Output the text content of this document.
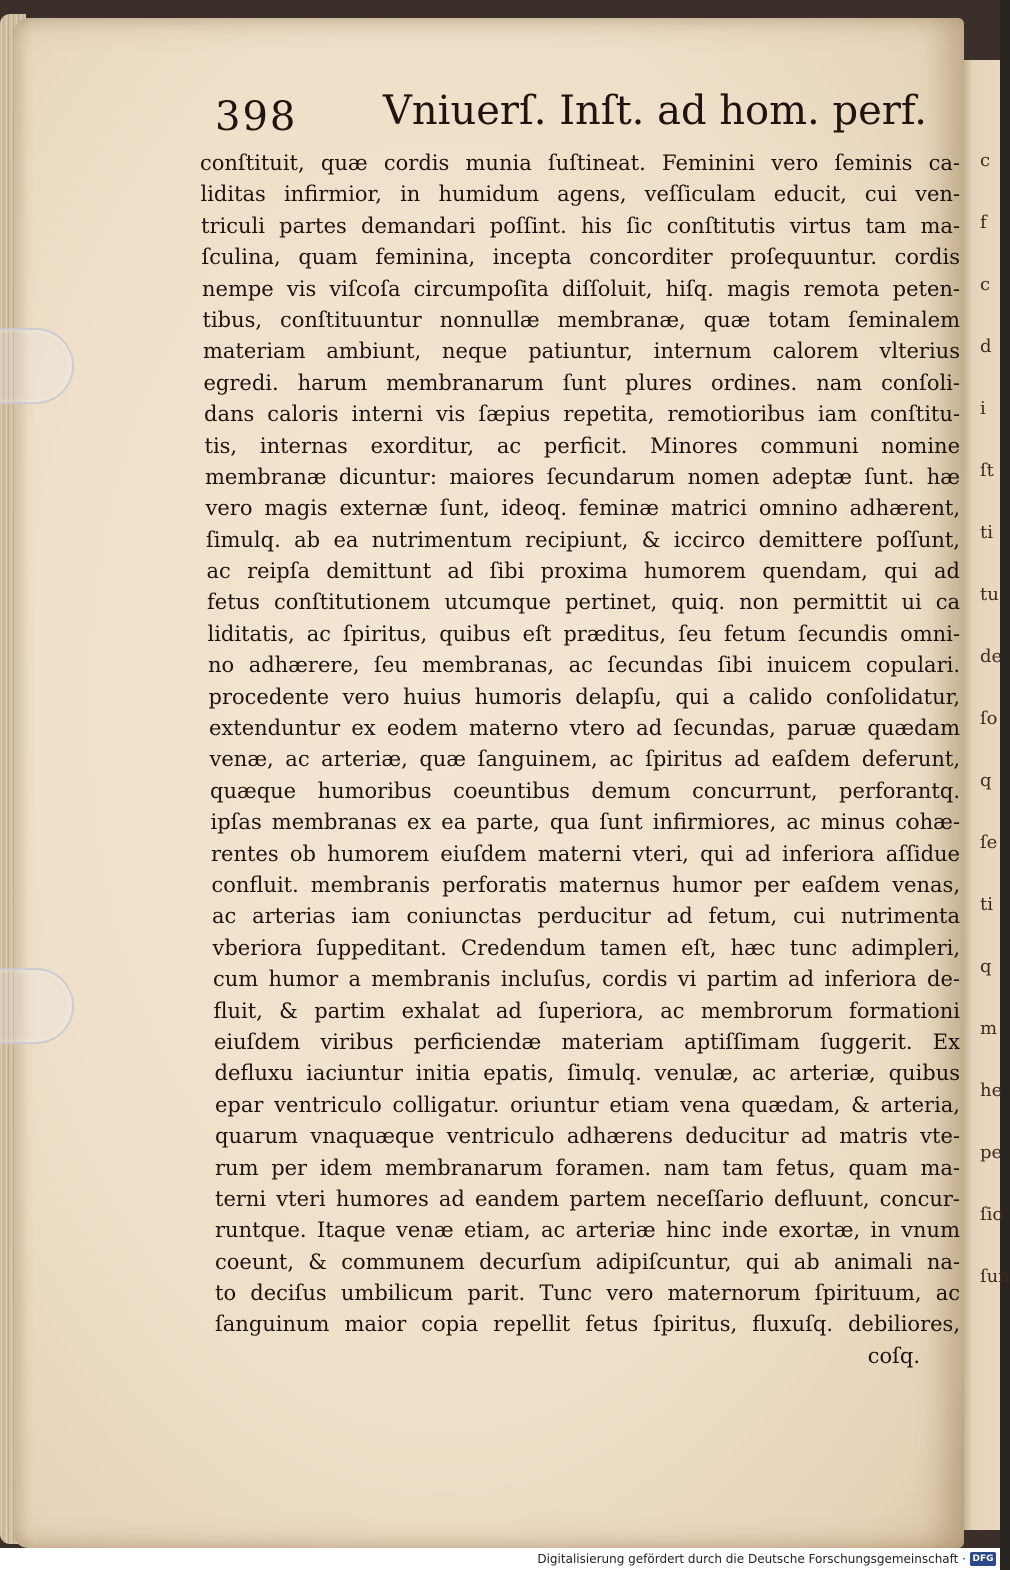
c
f
c
d
i
ſt
ti
tu
de
ſo
q
ſe
ti
q
m
he
pe
ſio
ſun
398 Vniuerſ. Inſt. ad hom. perf.
conſtituit, quæ cordis munia ſuſtineat. Feminini vero ſeminis ca-
liditas infirmior, in humidum agens, veſſiculam educit, cui ven-
triculi partes demandari poſſint. his ſic conſtitutis virtus tam ma-
ſculina, quam feminina, incepta concorditer proſequuntur. cordis
nempe vis viſcoſa circumpoſita diſſoluit, hiſq. magis remota peten-
tibus, conſtituuntur nonnullæ membranæ, quæ totam ſeminalem
materiam ambiunt, neque patiuntur, internum calorem vlterius
egredi. harum membranarum ſunt plures ordines. nam conſoli-
dans caloris interni vis ſæpius repetita, remotioribus iam conſtitu-
tis, internas exorditur, ac perficit. Minores communi nomine
membranæ dicuntur: maiores ſecundarum nomen adeptæ ſunt. hæ
vero magis externæ ſunt, ideoq. feminæ matrici omnino adhærent,
ſimulq. ab ea nutrimentum recipiunt, & iccirco demittere poſſunt,
ac reipſa demittunt ad ſibi proxima humorem quendam, qui ad
fetus conſtitutionem utcumque pertinet, quiq. non permittit ui ca
liditatis, ac ſpiritus, quibus eſt præditus, ſeu fetum ſecundis omni-
no adhærere, ſeu membranas, ac ſecundas ſibi inuicem copulari.
procedente vero huius humoris delapſu, qui a calido conſolidatur,
extenduntur ex eodem materno vtero ad ſecundas, paruæ quædam
venæ, ac arteriæ, quæ ſanguinem, ac ſpiritus ad eaſdem deferunt,
quæque humoribus coeuntibus demum concurrunt, perforantq.
ipſas membranas ex ea parte, qua ſunt infirmiores, ac minus cohæ-
rentes ob humorem eiuſdem materni vteri, qui ad inferiora aſſidue
confluit. membranis perforatis maternus humor per eaſdem venas,
ac arterias iam coniunctas perducitur ad fetum, cui nutrimenta
vberiora ſuppeditant. Credendum tamen eſt, hæc tunc adimpleri,
cum humor a membranis incluſus, cordis vi partim ad inferiora de-
fluit, & partim exhalat ad ſuperiora, ac membrorum formationi
eiuſdem viribus perficiendæ materiam aptiſſimam ſuggerit. Ex
defluxu iaciuntur initia epatis, ſimulq. venulæ, ac arteriæ, quibus
epar ventriculo colligatur. oriuntur etiam vena quædam, & arteria,
quarum vnaquæque ventriculo adhærens deducitur ad matris vte-
rum per idem membranarum foramen. nam tam fetus, quam ma-
terni vteri humores ad eandem partem neceſſario defluunt, concur-
runtque. Itaque venæ etiam, ac arteriæ hinc inde exortæ, in vnum
coeunt, & communem decurſum adipiſcuntur, qui ab animali na-
to deciſus umbilicum parit. Tunc vero maternorum ſpirituum, ac
ſanguinum maior copia repellit fetus ſpiritus, fluxuſq. debiliores,
coſq.
Digitalisierung gefördert durch die Deutsche Forschungsgemeinschaft · DFG
